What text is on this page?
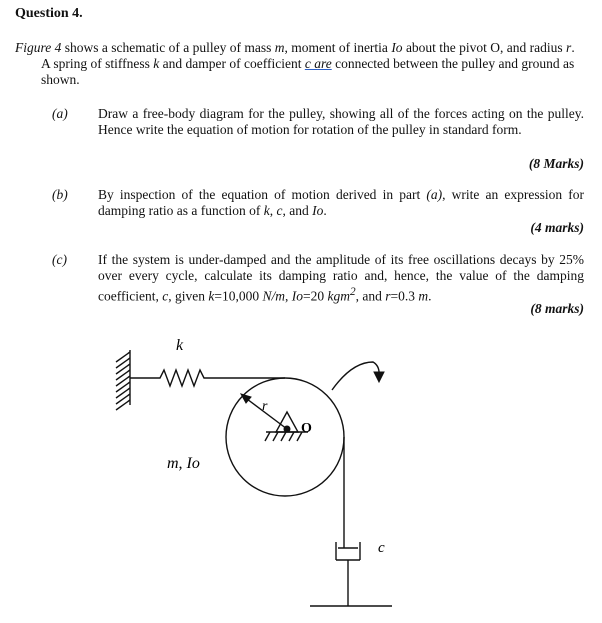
Question 4.
Figure 4 shows a schematic of a pulley of mass m, moment of inertia Io about the pivot O, and radius r. A spring of stiffness k and damper of coefficient c are connected between the pulley and ground as shown.
(a) Draw a free-body diagram for the pulley, showing all of the forces acting on the pulley. Hence write the equation of motion for rotation of the pulley in standard form.
(8 Marks)
(b) By inspection of the equation of motion derived in part (a), write an expression for damping ratio as a function of k, c, and Io.
(4 marks)
(c) If the system is under-damped and the amplitude of its free oscillations decays by 25% over every cycle, calculate its damping ratio and, hence, the value of the damping coefficient, c, given k=10,000 N/m, Io=20 kgm$^2$, and r=0.3 m.
(8 marks)
k
r
O
m, Io
c
